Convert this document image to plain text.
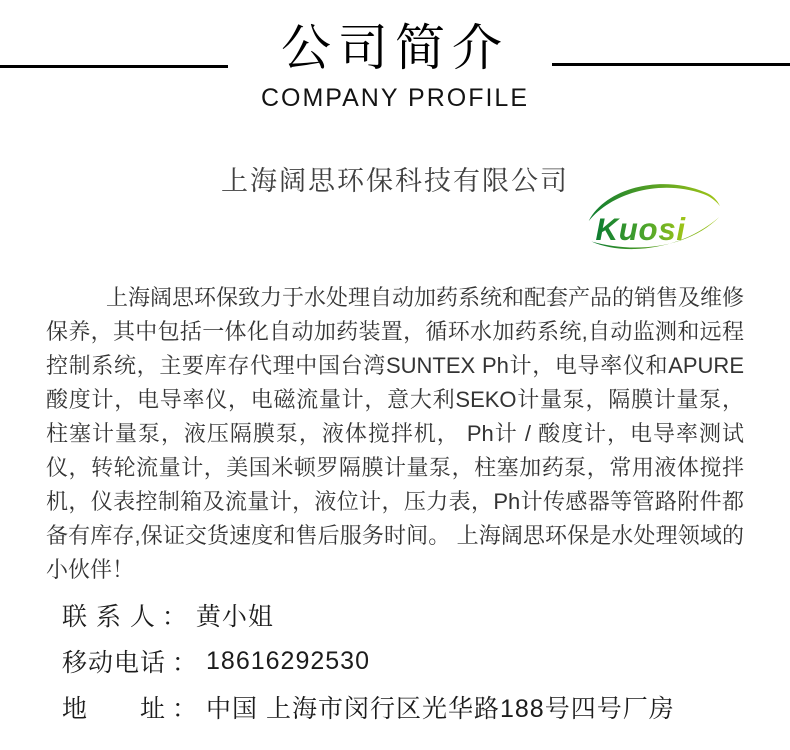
公司简介
COMPANY PROFILE
上海阔思环保科技有限公司
Kuosi

上海阔思环保致力于水处理自动加药系统和配套产品的销售及维修保养，其中包括一体化自动加药装置，循环水加药系统,自动监测和远程控制系统，主要库存代理中国台湾SUNTEX Ph计，电导率仪和APURE酸度计，电导率仪，电磁流量计，意大利SEKO计量泵，隔膜计量泵，柱塞计量泵，液压隔膜泵，液体搅拌机， Ph计 / 酸度计，电导率测试仪，转轮流量计，美国米顿罗隔膜计量泵，柱塞加药泵，常用液体搅拌机，仪表控制箱及流量计，液位计，压力表，Ph计传感器等管路附件都备有库存,保证交货速度和售后服务时间。 上海阔思环保是水处理领域的小伙伴！

联 系 人 ： 黄小姐
移动电话 ： 18616292530
地　　址 ： 中国 上海市闵行区光华路188号四号厂房
